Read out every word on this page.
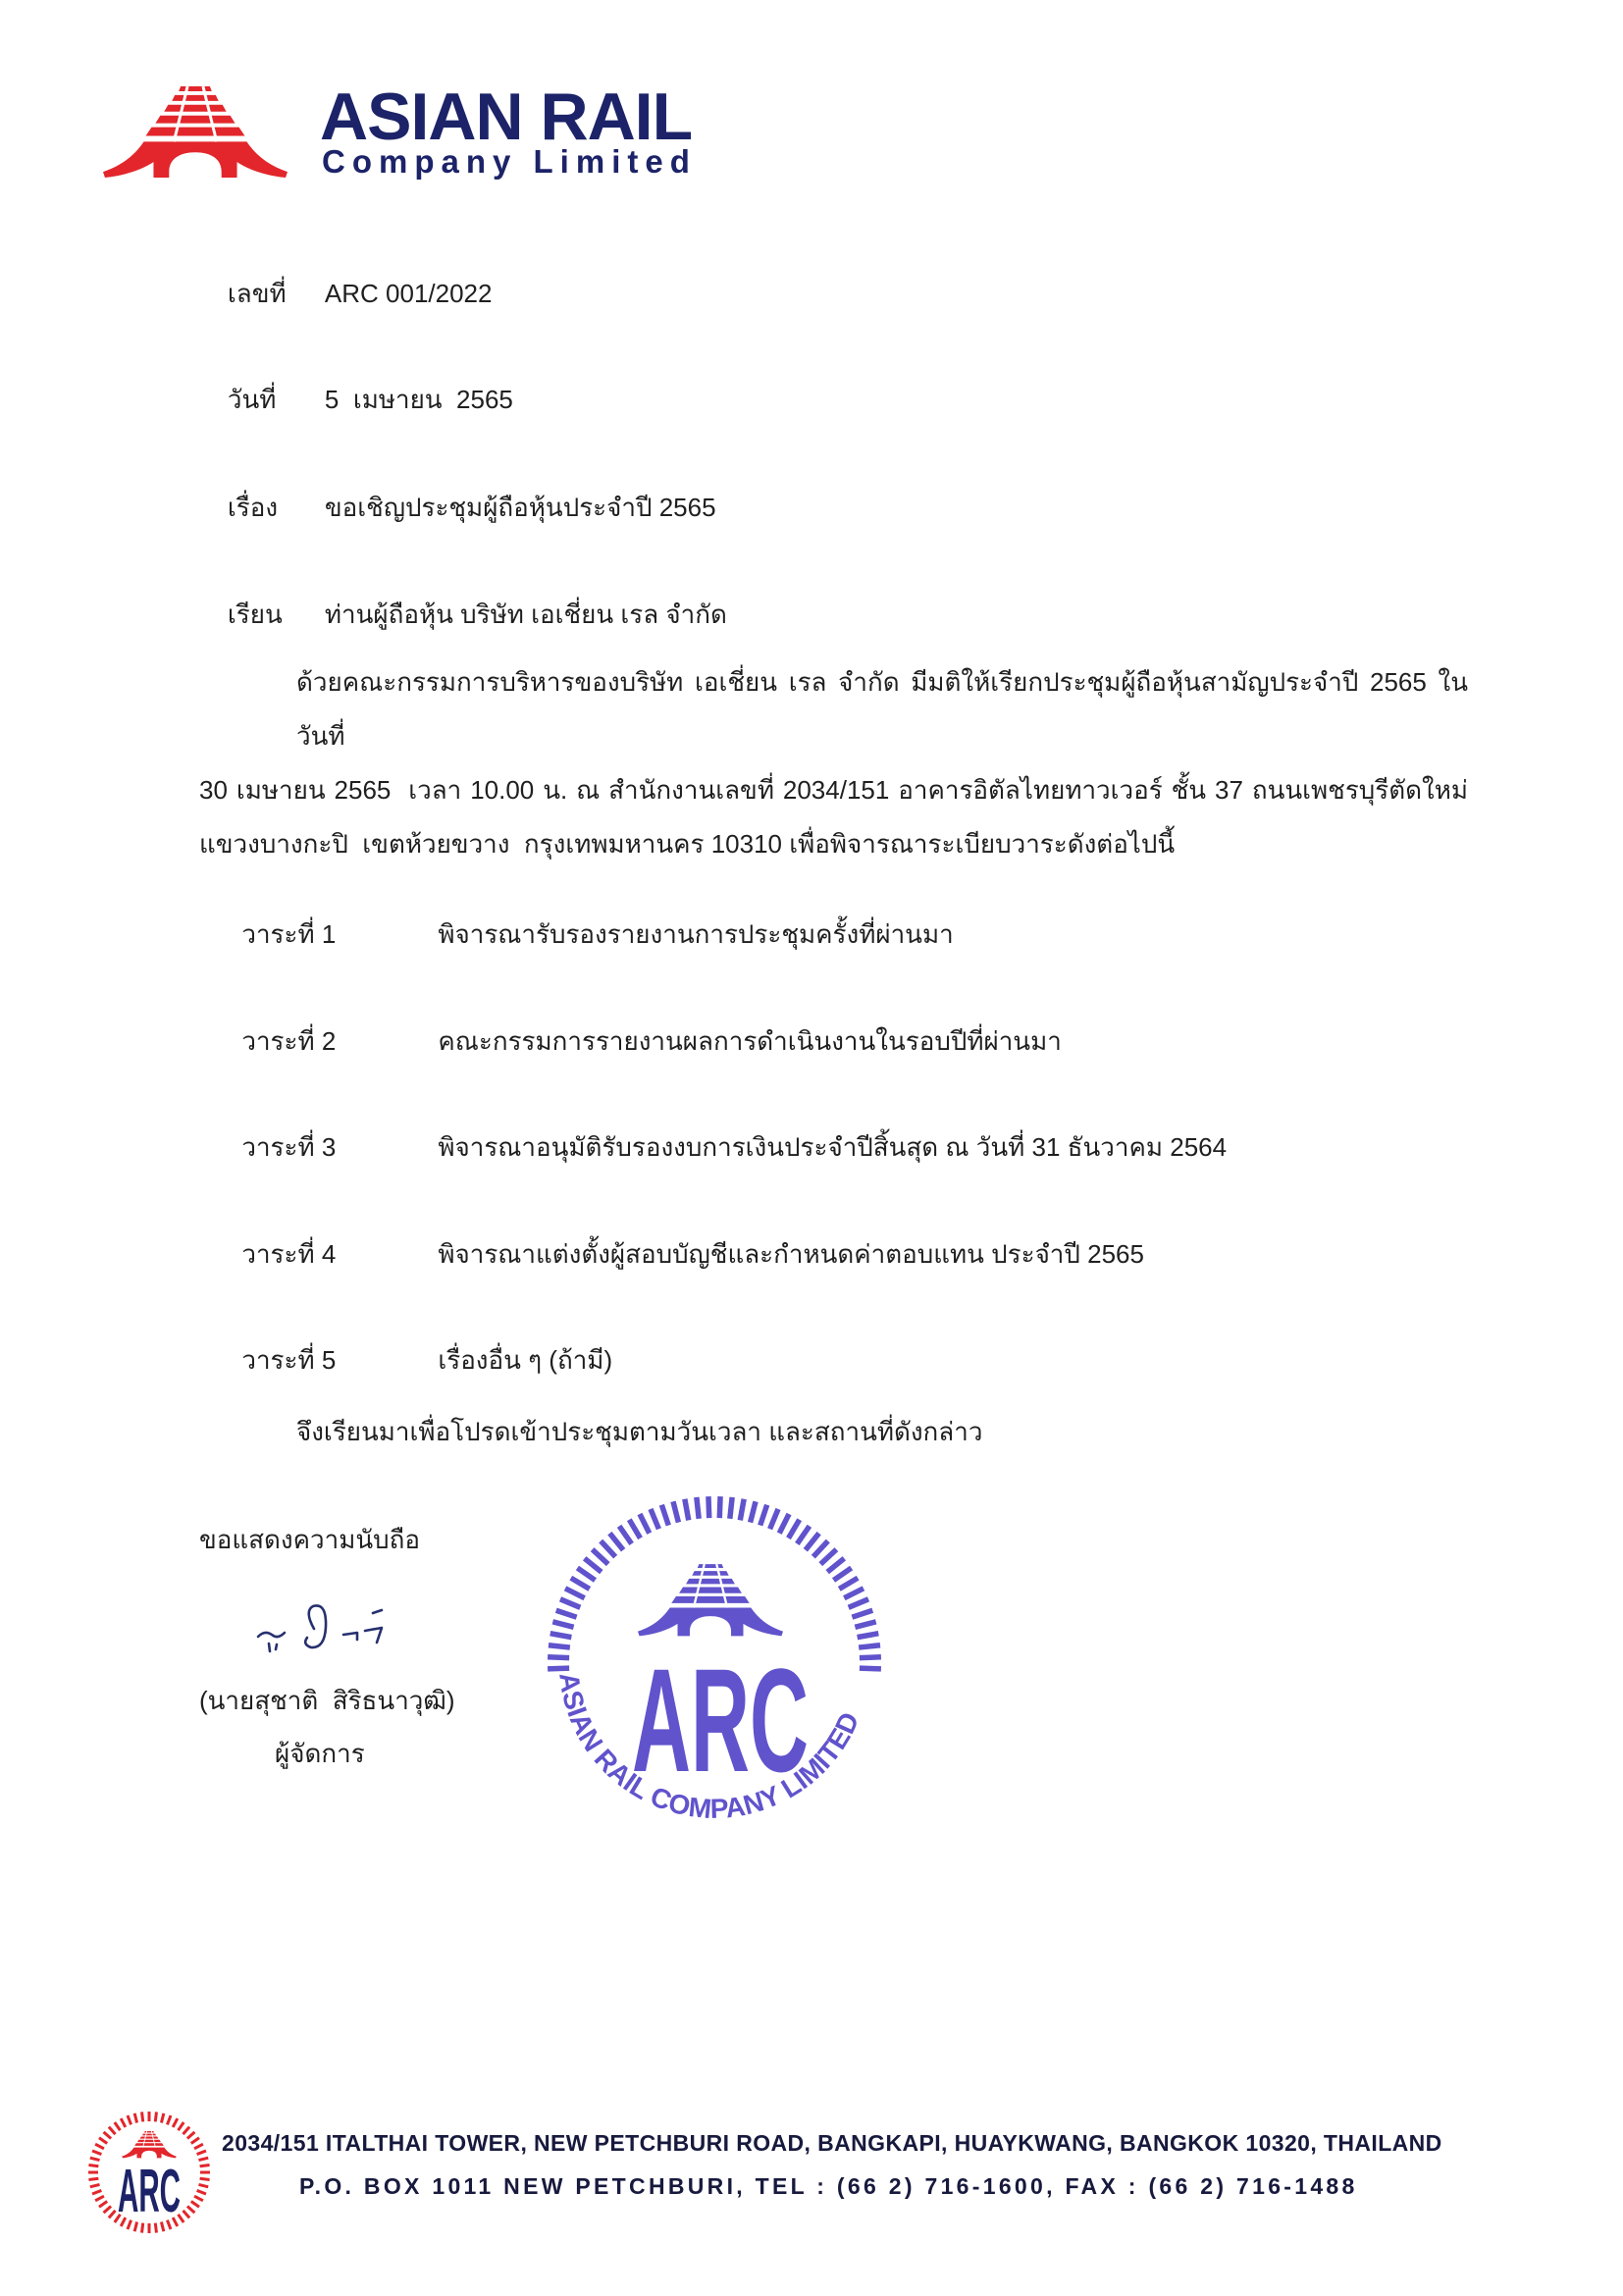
ASIAN RAIL
Company Limited

เลขที่ ARC 001/2022

วันที่ 5  เมษายน  2565

เรื่อง ขอเชิญประชุมผู้ถือหุ้นประจำปี 2565

เรียน ท่านผู้ถือหุ้น บริษัท เอเชี่ยน เรล จำกัด

ด้วยคณะกรรมการบริหารของบริษัท เอเชี่ยน เรล จำกัด มีมติให้เรียกประชุมผู้ถือหุ้นสามัญประจำปี 2565 ในวันที่
30 เมษายน 2565  เวลา 10.00 น. ณ สำนักงานเลขที่ 2034/151 อาคารอิตัลไทยทาวเวอร์ ชั้น 37 ถนนเพชรบุรีตัดใหม่
แขวงบางกะปิ  เขตห้วยขวาง  กรุงเทพมหานคร 10310 เพื่อพิจารณาระเบียบวาระดังต่อไปนี้

วาระที่ 1	พิจารณารับรองรายงานการประชุมครั้งที่ผ่านมา

วาระที่ 2	คณะกรรมการรายงานผลการดำเนินงานในรอบปีที่ผ่านมา

วาระที่ 3	พิจารณาอนุมัติรับรองงบการเงินประจำปีสิ้นสุด ณ วันที่ 31 ธันวาคม 2564

วาระที่ 4	พิจารณาแต่งตั้งผู้สอบบัญชีและกำหนดค่าตอบแทน ประจำปี 2565

วาระที่ 5	เรื่องอื่น ๆ (ถ้ามี)

จึงเรียนมาเพื่อโปรดเข้าประชุมตามวันเวลา และสถานที่ดังกล่าว
ขอแสดงความนับถือ
(นายสุชาติ  สิริธนาวุฒิ)
ผู้จัดการ ARC
ASIAN RAIL COMPANY LIMITED
ARC
2034/151 ITALTHAI TOWER, NEW PETCHBURI ROAD, BANGKAPI, HUAYKWANG, BANGKOK 10320, THAILAND
P.O. BOX 1011 NEW PETCHBURI, TEL : (66 2) 716-1600, FAX : (66 2) 716-1488
